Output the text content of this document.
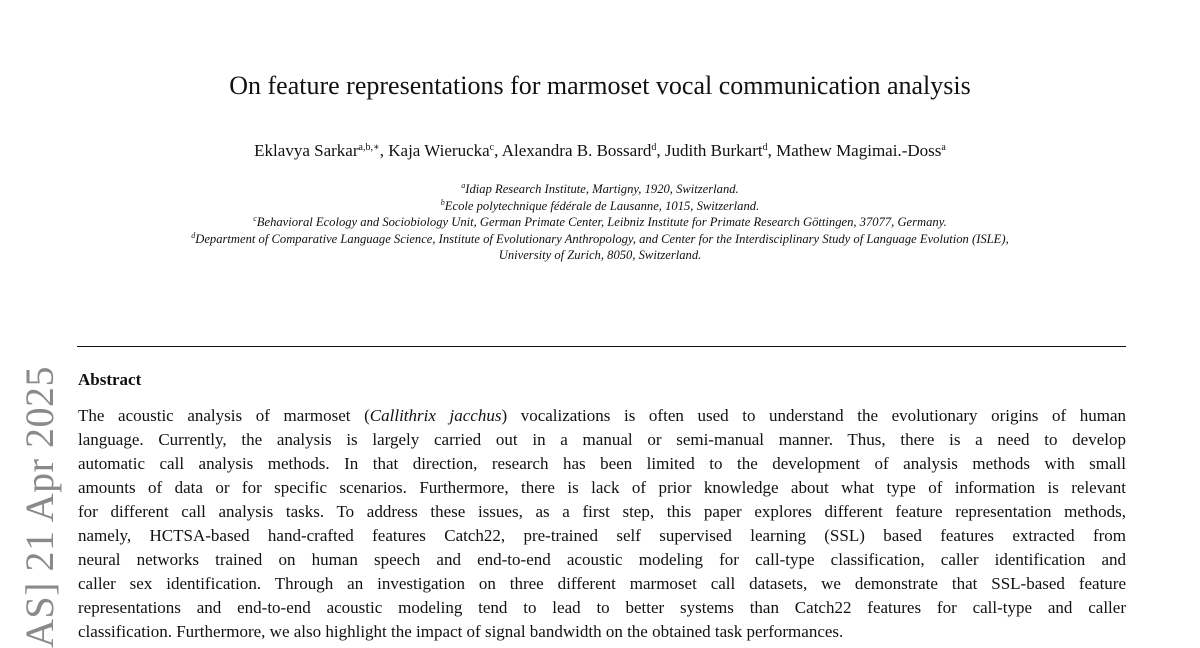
On feature representations for marmoset vocal communication analysis
Eklavya Sarkar$^{a,b,∗}$, Kaja Wierucka$^c$, Alexandra B. Bossard$^d$, Judith Burkart$^d$, Mathew Magimai.-Doss$^a$
$^a$Idiap Research Institute, Martigny, 1920, Switzerland.
$^b$Ecole polytechnique fédérale de Lausanne, 1015, Switzerland.
$^c$Behavioral Ecology and Sociobiology Unit, German Primate Center, Leibniz Institute for Primate Research Göttingen, 37077, Germany.
$^d$Department of Comparative Language Science, Institute of Evolutionary Anthropology, and Center for the Interdisciplinary Study of Language Evolution (ISLE),
University of Zurich, 8050, Switzerland.
Abstract
The acoustic analysis of marmoset (Callithrix jacchus) vocalizations is often used to understand the evolutionary origins of human
language. Currently, the analysis is largely carried out in a manual or semi-manual manner. Thus, there is a need to develop
automatic call analysis methods. In that direction, research has been limited to the development of analysis methods with small
amounts of data or for specific scenarios. Furthermore, there is lack of prior knowledge about what type of information is relevant
for different call analysis tasks. To address these issues, as a first step, this paper explores different feature representation methods,
namely, HCTSA-based hand-crafted features Catch22, pre-trained self supervised learning (SSL) based features extracted from
neural networks trained on human speech and end-to-end acoustic modeling for call-type classification, caller identification and
caller sex identification. Through an investigation on three different marmoset call datasets, we demonstrate that SSL-based feature
representations and end-to-end acoustic modeling tend to lead to better systems than Catch22 features for call-type and caller
classification. Furthermore, we also highlight the impact of signal bandwidth on the obtained task performances.
AS] 21 Apr 2025
